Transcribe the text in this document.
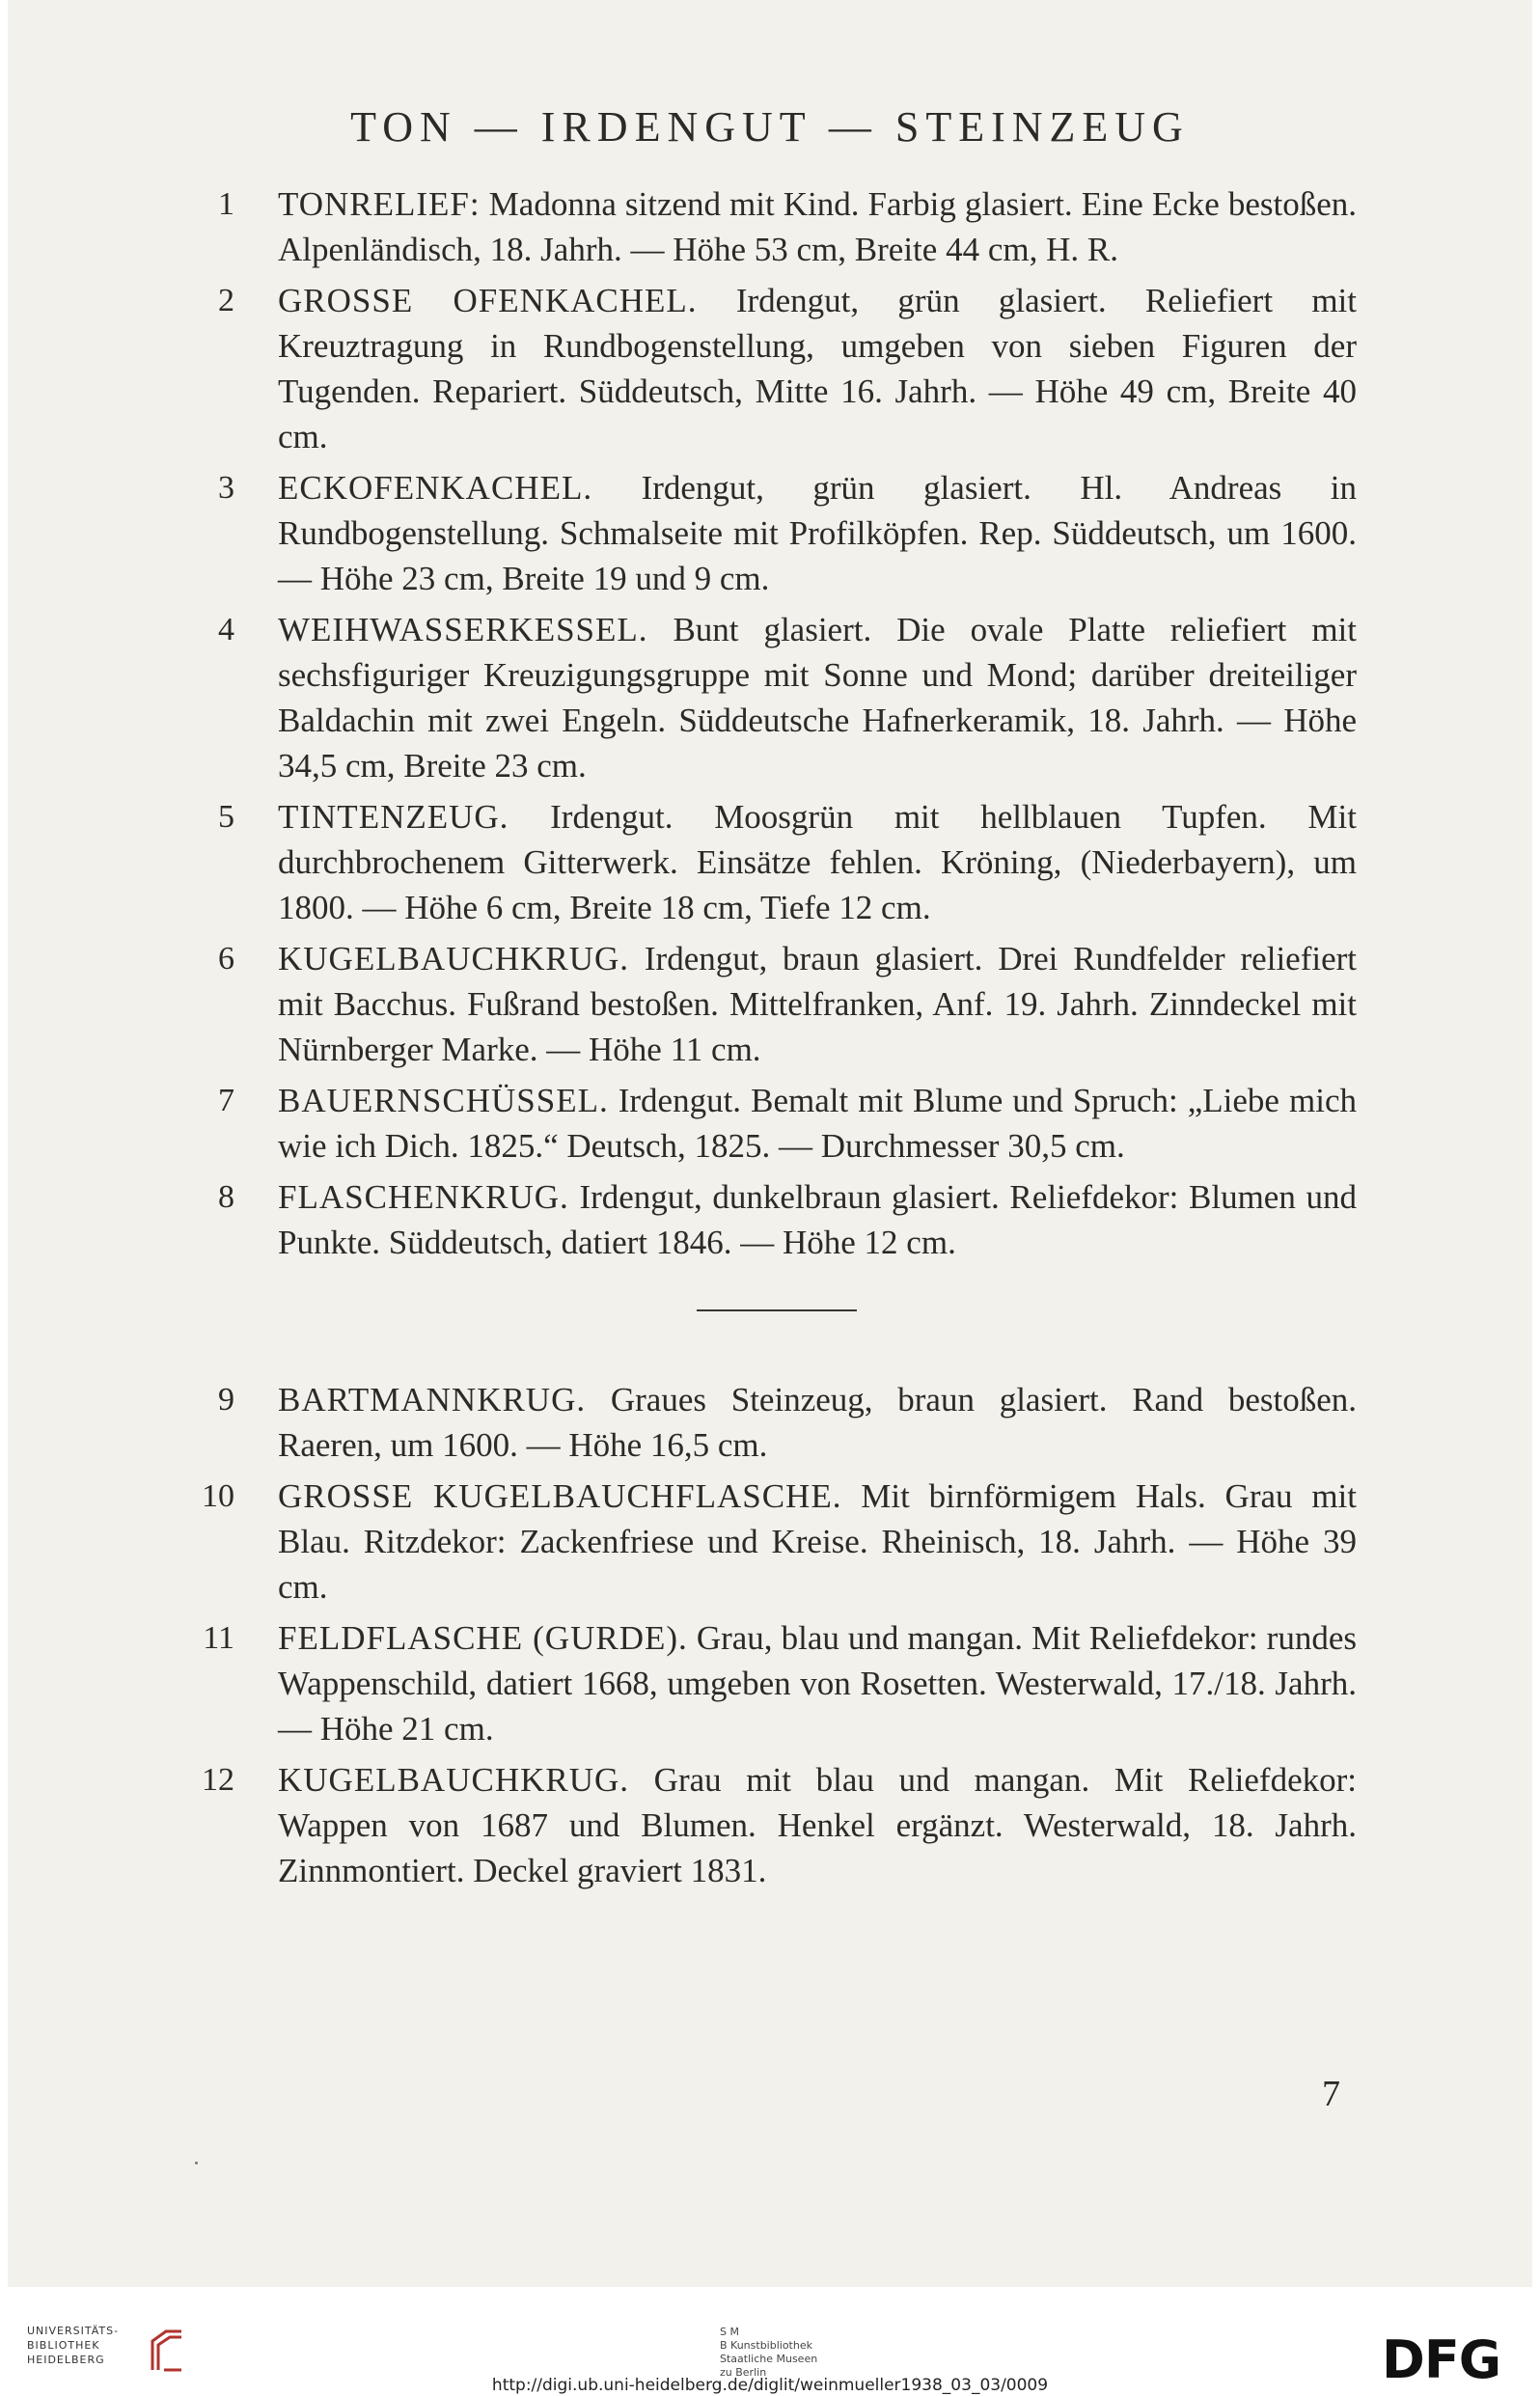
TON — IRDENGUT — STEINZEUG
1 TONRELIEF: Madonna sitzend mit Kind. Farbig glasiert. Eine Ecke bestoßen. Alpenländisch, 18. Jahrh. — Höhe 53 cm, Breite 44 cm, H. R.
2 GROSSE OFENKACHEL. Irdengut, grün glasiert. Reliefiert mit Kreuztragung in Rundbogenstellung, umgeben von sieben Figuren der Tugenden. Repariert. Süddeutsch, Mitte 16. Jahrh. — Höhe 49 cm, Breite 40 cm.
3 ECKOFENKACHEL. Irdengut, grün glasiert. Hl. Andreas in Rundbogenstellung. Schmalseite mit Profilköpfen. Rep. Süddeutsch, um 1600. — Höhe 23 cm, Breite 19 und 9 cm.
4 WEIHWASSERKESSEL. Bunt glasiert. Die ovale Platte reliefiert mit sechsfiguriger Kreuzigungsgruppe mit Sonne und Mond; darüber dreiteiliger Baldachin mit zwei Engeln. Süddeutsche Hafnerkeramik, 18. Jahrh. — Höhe 34,5 cm, Breite 23 cm.
5 TINTENZEUG. Irdengut. Moosgrün mit hellblauen Tupfen. Mit durchbrochenem Gitterwerk. Einsätze fehlen. Kröning, (Niederbayern), um 1800. — Höhe 6 cm, Breite 18 cm, Tiefe 12 cm.
6 KUGELBAUCHKRUG. Irdengut, braun glasiert. Drei Rundfelder reliefiert mit Bacchus. Fußrand bestoßen. Mittelfranken, Anf. 19. Jahrh. Zinndeckel mit Nürnberger Marke. — Höhe 11 cm.
7 BAUERNSCHÜSSEL. Irdengut. Bemalt mit Blume und Spruch: „Liebe mich wie ich Dich. 1825.“ Deutsch, 1825. — Durchmesser 30,5 cm.
8 FLASCHENKRUG. Irdengut, dunkelbraun glasiert. Reliefdekor: Blumen und Punkte. Süddeutsch, datiert 1846. — Höhe 12 cm.
9 BARTMANNKRUG. Graues Steinzeug, braun glasiert. Rand bestoßen. Raeren, um 1600. — Höhe 16,5 cm.
10 GROSSE KUGELBAUCHFLASCHE. Mit birnförmigem Hals. Grau mit Blau. Ritzdekor: Zackenfriese und Kreise. Rheinisch, 18. Jahrh. — Höhe 39 cm.
11 FELDFLASCHE (GURDE). Grau, blau und mangan. Mit Reliefdekor: rundes Wappenschild, datiert 1668, umgeben von Rosetten. Westerwald, 17./18. Jahrh. — Höhe 21 cm.
12 KUGELBAUCHKRUG. Grau mit blau und mangan. Mit Reliefdekor: Wappen von 1687 und Blumen. Henkel ergänzt. Westerwald, 18. Jahrh. Zinnmontiert. Deckel graviert 1831.
7
UNIVERSITÄTS-
BIBLIOTHEK
HEIDELBERG
S M
B Kunstbibliothek
Staatliche Museen
zu Berlin	DFG
http://digi.ub.uni-heidelberg.de/diglit/weinmueller1938_03_03/0009
